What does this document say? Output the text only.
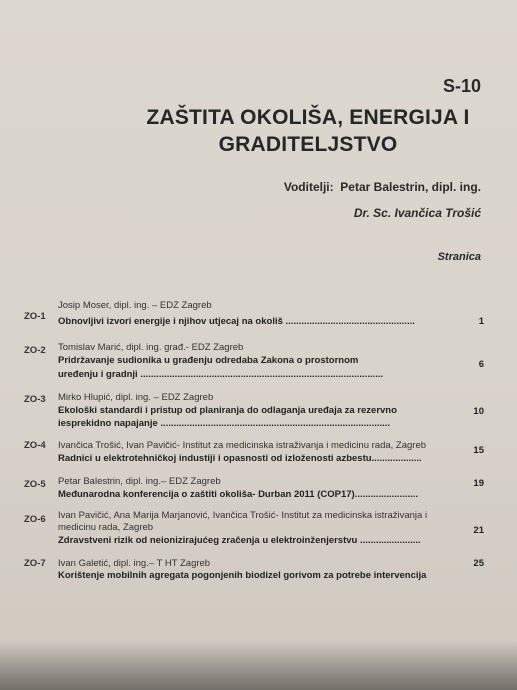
S-10
ZAŠTITA OKOLIŠA, ENERGIJA I
GRADITELJSTVO
Voditelji: Petar Balestrin, dipl. ing.
Dr. Sc. Ivančica Trošić
Stranica
ZO-1
Josip Moser, dipl. ing. – EDZ Zagreb
Obnovljivi izvori energije i njihov utjecaj na okoliš .................................................	1
ZO-2 Tomislav Marić, dipl. ing. građ.- EDZ Zagreb
Pridržavanje sudionika u građenju odredaba Zakona o prostornom
uređenju i gradnji ............................................................................................
6
ZO-3 Mirko Hlupić, dipl. ing. – EDZ Zagreb
Ekološki standardi i pristup od planiranja do odlaganja uređaja za rezervno
iesprekidno napajanje .......................................................................................
10
ZO-4 Ivančica Trošić, Ivan Pavičić- Institut za medicinska istraživanja i medicinu rada, Zagreb
Radnici u elektrotehničkoj industiji i opasnosti od izloženosti azbestu...................
15
ZO-5 Petar Balestrin, dipl. ing.– EDZ Zagreb
Međunarodna konferencija o zaštiti okoliša- Durban 2011 (COP17)........................
19
ZO-6 Ivan Pavičić, Ana Marija Marjanović, Ivančica Trošić- Institut za medicinska istraživanja i
medicinu rada, Zagreb
Zdravstveni rizik od neionizirajućeg zračenja u elektroinženjerstvu .......................
21
ZO-7 Ivan Galetić, dipl. ing.– T HT Zagreb
Korištenje mobilnih agregata pogonjenih biodizel gorivom za potrebe intervencija
25
